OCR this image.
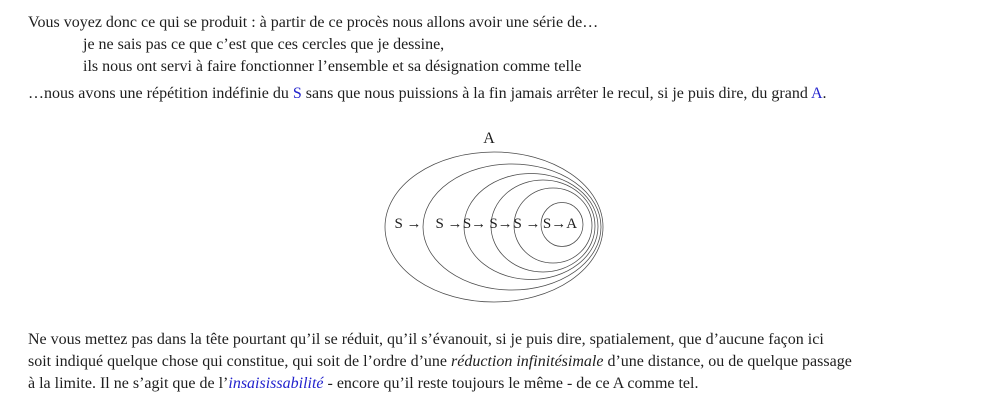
Vous voyez donc ce qui se produit : à partir de ce procès nous allons avoir une série de…
je ne sais pas ce que c’est que ces cercles que je dessine,
ils nous ont servi à faire fonctionner l’ensemble et sa désignation comme telle
…nous avons une répétition indéfinie du S sans que nous puissions à la fin jamais arrêter le recul, si je puis dire, du grand A.
A
S → S → S→ S→ S → S→A
Ne vous mettez pas dans la tête pourtant qu’il se réduit, qu’il s’évanouit, si je puis dire, spatialement, que d’aucune façon ici
soit indiqué quelque chose qui constitue, qui soit de l’ordre d’une réduction infinitésimale d’une distance, ou de quelque passage
à la limite. Il ne s’agit que de l’insaisissabilité - encore qu’il reste toujours le même - de ce A comme tel.
